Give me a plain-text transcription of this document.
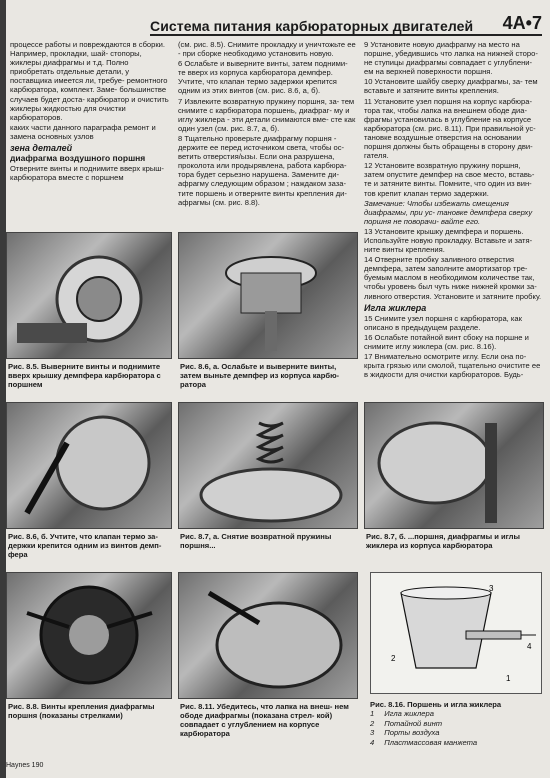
Система питания карбюраторных двигателей 4A•7

процессе работы и повреждаются в сборки. Например, прокладки, шай- стопоры, жиклеры диафрагмы и т.д. Полно приобретать отдельные детали, у поставщика имеется ли, требуе- ремонтного карбюратора, комплект. Заме- большинстве случаев будет доста- карбюратор и очистить жиклеры жидкостью для очистки карбюраторов.

каких части данного параграфа ремонт и замена основных узлов

зена деталей

диафрагма воздушного поршня

Отверните винты и поднимите вверх крыш- карбюратора вместе с поршнем

(см. рис. 8.5). Снимите прокладку и уничтожьте ее - при сборке необходимо установить новую.

6 Ослабьте и выверните винты, затем подними- те вверх из корпуса карбюратора демпфер. Учтите, что клапан термо задержки крепится одним из этих винтов (см. рис. 8.6, а, б).

7 Извлеките возвратную пружину поршня, за- тем снимите с карбюратора поршень, диафраг- му и иглу жиклера - эти детали снимаются вме- сте как один узел (см. рис. 8.7, а, б).

8 Тщательно проверьте диафрагму поршня - держите ее перед источником света, чтобы ос- ветить отверстия/ызы. Если она разрушена, проколота или продырявлена, работа карбюра- тора будет серьезно нарушена. Замените ди- афрагму следующим образом ; наждаком заза- тите поршень и отверните винты крепления ди- афрагмы (см. рис. 8.8).

9 Установите новую диафрагму на место на поршне, убедившись что лапка на нижней сторо- не ступицы диафрагмы совпадает с углублени- ем на верхней поверхности поршня.

10 Установите шайбу сверху диафрагмы, за- тем вставьте и затяните винты крепления.

11 Установите узел поршня на корпус карбюра- тора так, чтобы лапка на внешнем ободе диа- фрагмы установилась в углубление на корпусе карбюратора (см. рис. 8.11). При правильной ус- тановке воздушные отверстия на основании поршня должны быть обращены в сторону дви- гателя.

12 Установите возвратную пружину поршня, затем опустите демпфер на свое место, вставь- те и затяните винты. Помните, что один из вин- тов крепит клапан термо задержки.

Замечание: Чтобы избежать смещения диафрагмы, при ус- тановке демпфера сверху поршня не поворачи- вайте его.

13 Установите крышку демпфера и поршень. Используйте новую прокладку. Вставьте и затя- ните винты крепления.

14 Отверните пробку заливного отверстия демпфера, затем заполните амортизатор тре- буемым маслом в необходимом количестве так, чтобы уровень был чуть ниже нижней кромки за- ливного отверстия. Установите и затяните пробку.

Игла жиклера

15 Снимите узел поршня с карбюратора, как описано в предыдущем разделе.

16 Ослабьте потайной винт сбоку на поршне и снимите иглу жиклера (см. рис. 8.16).

17 Внимательно осмотрите иглу. Если она по- крыта грязью или смолой, тщательно очистите ее в жидкости для очистки карбюраторов. Будь-

Рис. 8.5. Выверните винты и поднимите вверх крышку демпфера карбюратора с поршнем
Рис. 8.6, а. Ослабьте и выверните винты, затем выньте демпфер из корпуса карбю- ратора
Рис. 8.6, б. Учтите, что клапан термо за- держки крепится одним из винтов демп- фера
Рис. 8.7, а. Снятие возвратной пружины поршня...
Рис. 8.7, б. ...поршня, диафрагмы и иглы жиклера из корпуса карбюратора
Рис. 8.8. Винты крепления диафрагмы поршня (показаны стрелками)
Рис. 8.11. Убедитесь, что лапка на внеш- нем ободе диафрагмы (показана стрел- кой) совпадает с углублением на корпусе карбюратора
3
2
1
4
Рис. 8.16. Поршень и игла жиклера
1 Игла жиклера
2 Потайной винт
3 Порты воздуха
4 Пластмассовая манжета
Haynes 190
